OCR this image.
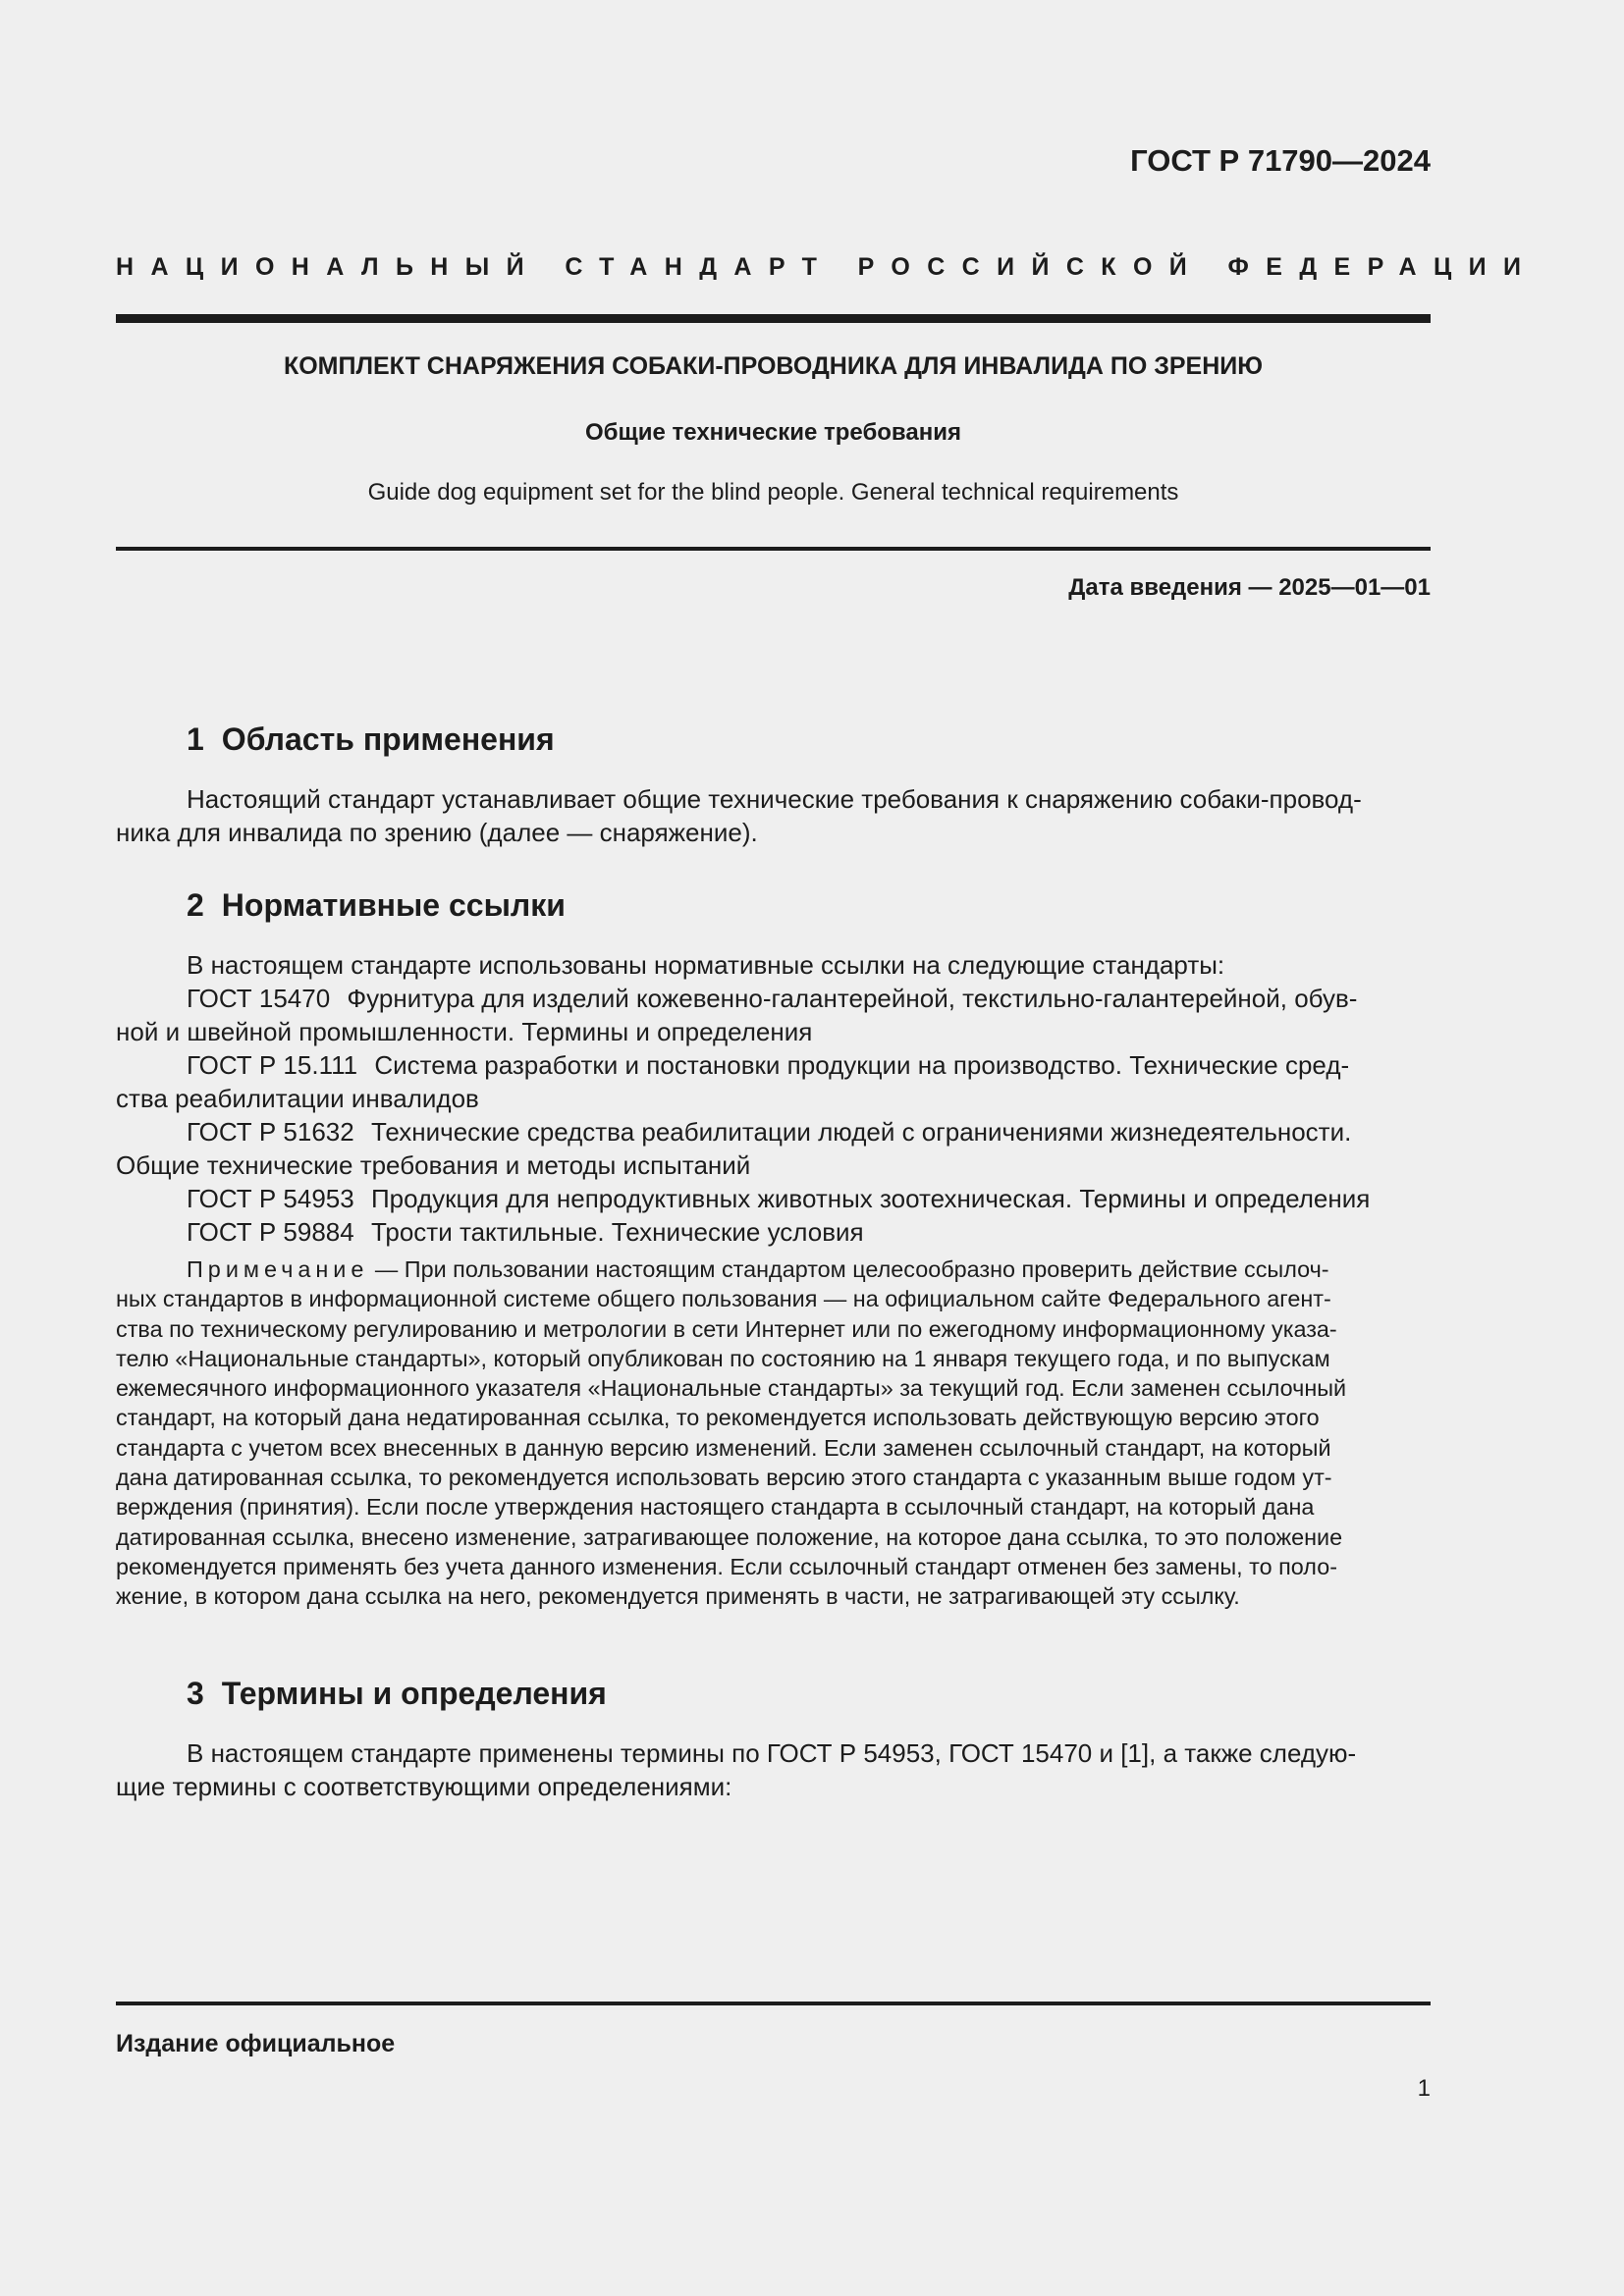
ГОСТ Р 71790—2024
НАЦИОНАЛЬНЫЙ СТАНДАРТ РОССИЙСКОЙ ФЕДЕРАЦИИ
КОМПЛЕКТ СНАРЯЖЕНИЯ СОБАКИ-ПРОВОДНИКА ДЛЯ ИНВАЛИДА ПО ЗРЕНИЮ
Общие технические требования
Guide dog equipment set for the blind people. General technical requirements
Дата введения — 2025—01—01
1 Область применения

Настоящий стандарт устанавливает общие технические требования к снаряжению собаки-провод-

ника для инвалида по зрению (далее — снаряжение).

2 Нормативные ссылки

В настоящем стандарте использованы нормативные ссылки на следующие стандарты:

ГОСТ 15470 Фурнитура для изделий кожевенно-галантерейной, текстильно-галантерейной, обув-

ной и швейной промышленности. Термины и определения

ГОСТ Р 15.111 Система разработки и постановки продукции на производство. Технические сред-

ства реабилитации инвалидов

ГОСТ Р 51632 Технические средства реабилитации людей с ограничениями жизнедеятельности.

Общие технические требования и методы испытаний

ГОСТ Р 54953 Продукция для непродуктивных животных зоотехническая. Термины и определения

ГОСТ Р 59884 Трости тактильные. Технические условия

Примечание — При пользовании настоящим стандартом целесообразно проверить действие ссылоч-

ных стандартов в информационной системе общего пользования — на официальном сайте Федерального агент-

ства по техническому регулированию и метрологии в сети Интернет или по ежегодному информационному указа-

телю «Национальные стандарты», который опубликован по состоянию на 1 января текущего года, и по выпускам

ежемесячного информационного указателя «Национальные стандарты» за текущий год. Если заменен ссылочный

стандарт, на который дана недатированная ссылка, то рекомендуется использовать действующую версию этого

стандарта с учетом всех внесенных в данную версию изменений. Если заменен ссылочный стандарт, на который

дана датированная ссылка, то рекомендуется использовать версию этого стандарта с указанным выше годом ут-

верждения (принятия). Если после утверждения настоящего стандарта в ссылочный стандарт, на который дана

датированная ссылка, внесено изменение, затрагивающее положение, на которое дана ссылка, то это положение

рекомендуется применять без учета данного изменения. Если ссылочный стандарт отменен без замены, то поло-

жение, в котором дана ссылка на него, рекомендуется применять в части, не затрагивающей эту ссылку.

3 Термины и определения

В настоящем стандарте применены термины по ГОСТ Р 54953, ГОСТ 15470 и [1], а также следую-

щие термины с соответствующими определениями:

Издание официальное
1
